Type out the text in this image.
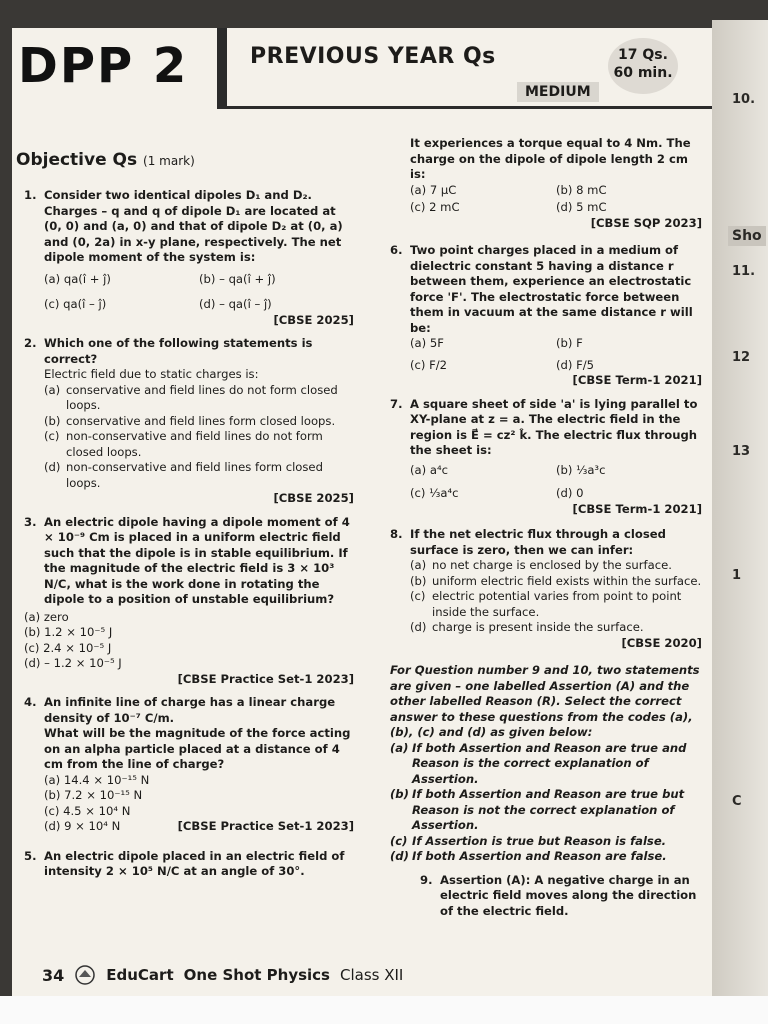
DPP 2	PREVIOUS YEAR Qs
MEDIUM
17 Qs.
60 min.
Objective Qs (1 mark)
1. Consider two identical dipoles D₁ and D₂. Charges – q and q of dipole D₁ are located at (0, 0) and (a, 0) and that of dipole D₂ at (0, a) and (0, 2a) in x-y plane, respectively. The net dipole moment of the system is:
(a) qa(î + ĵ)	(b) – qa(î + ĵ)
(c) qa(î – ĵ)	(d) – qa(î – ĵ)
[CBSE 2025]
2. Which one of the following statements is correct?
Electric field due to static charges is:
(a) conservative and field lines do not form closed loops.
(b) conservative and field lines form closed loops.
(c) non-conservative and field lines do not form closed loops.
(d) non-conservative and field lines form closed loops.
[CBSE 2025]
3. An electric dipole having a dipole moment of 4 × 10⁻⁹ Cm is placed in a uniform electric field such that the dipole is in stable equilibrium. If the magnitude of the electric field is 3 × 10³ N/C, what is the work done in rotating the dipole to a position of unstable equilibrium?
(a) zero
(b) 1.2 × 10⁻⁵ J
(c) 2.4 × 10⁻⁵ J
(d) – 1.2 × 10⁻⁵ J
[CBSE Practice Set-1 2023]
4. An infinite line of charge has a linear charge density of 10⁻⁷ C/m.
What will be the magnitude of the force acting on an alpha particle placed at a distance of 4 cm from the line of charge?
(a) 14.4 × 10⁻¹⁵ N
(b) 7.2 × 10⁻¹⁵ N
(c) 4.5 × 10⁴ N
(d) 9 × 10⁴ N	[CBSE Practice Set-1 2023]
5. An electric dipole placed in an electric field of intensity 2 × 10⁵ N/C at an angle of 30°.
It experiences a torque equal to 4 Nm. The charge on the dipole of dipole length 2 cm is:
(a) 7 μC	(b) 8 mC
(c) 2 mC	(d) 5 mC
[CBSE SQP 2023]
6. Two point charges placed in a medium of dielectric constant 5 having a distance r between them, experience an electrostatic force 'F'. The electrostatic force between them in vacuum at the same distance r will be:
(a) 5F	(b) F
(c) F/2	(d) F/5
[CBSE Term-1 2021]
7. A square sheet of side 'a' is lying parallel to XY-plane at z = a. The electric field in the region is E⃗ = cz² k̂. The electric flux through the sheet is:
(a) a⁴c	(b) ⅓a³c
(c) ⅓a⁴c	(d) 0
[CBSE Term-1 2021]
8. If the net electric flux through a closed surface is zero, then we can infer:
(a) no net charge is enclosed by the surface.
(b) uniform electric field exists within the surface.
(c) electric potential varies from point to point inside the surface.
(d) charge is present inside the surface.
[CBSE 2020]
For Question number 9 and 10, two statements are given – one labelled Assertion (A) and the other labelled Reason (R). Select the correct answer to these questions from the codes (a), (b), (c) and (d) as given below:
(a) If both Assertion and Reason are true and Reason is the correct explanation of Assertion.
(b) If both Assertion and Reason are true but Reason is not the correct explanation of Assertion.
(c) If Assertion is true but Reason is false.
(d) If both Assertion and Reason are false.
9. Assertion (A): A negative charge in an electric field moves along the direction of the electric field.
34	EduCart One Shot Physics Class XII
10.
Sho
11.
12
13
1
C
